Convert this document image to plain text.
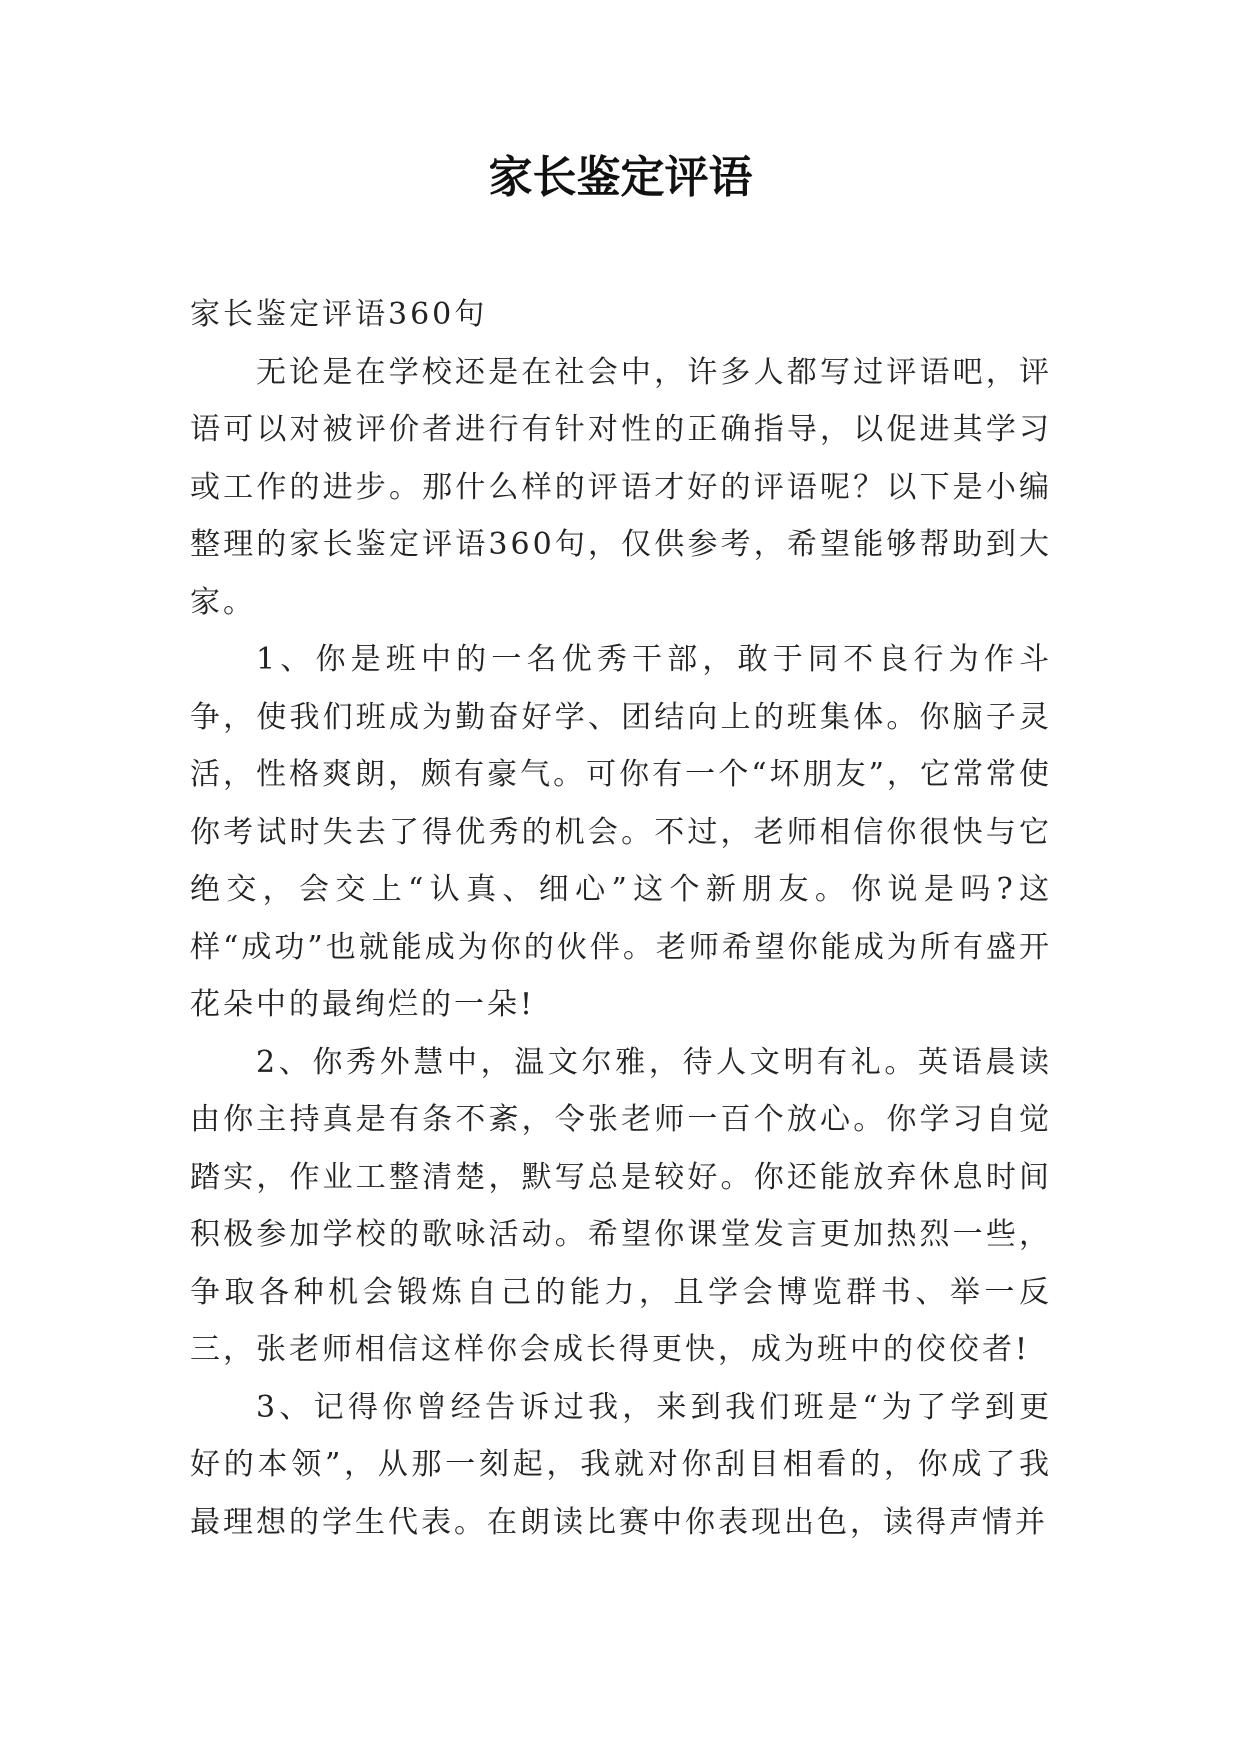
家长鉴定评语

家长鉴定评语360句

无论是在学校还是在社会中，许多人都写过评语吧，评语可以对被评价者进行有针对性的正确指导，以促进其学习或工作的进步。那什么样的评语才好的评语呢？以下是小编整理的家长鉴定评语360句，仅供参考，希望能够帮助到大家。

1、你是班中的一名优秀干部，敢于同不良行为作斗争，使我们班成为勤奋好学、团结向上的班集体。你脑子灵活，性格爽朗，颇有豪气。可你有一个“坏朋友”，它常常使你考试时失去了得优秀的机会。不过，老师相信你很快与它绝交，会交上“认真、细心”这个新朋友。你说是吗?这样“成功”也就能成为你的伙伴。老师希望你能成为所有盛开花朵中的最绚烂的一朵!

2、你秀外慧中，温文尔雅，待人文明有礼。英语晨读由你主持真是有条不紊，令张老师一百个放心。你学习自觉踏实，作业工整清楚，默写总是较好。你还能放弃休息时间积极参加学校的歌咏活动。希望你课堂发言更加热烈一些，争取各种机会锻炼自己的能力，且学会博览群书、举一反三，张老师相信这样你会成长得更快，成为班中的佼佼者!

3、记得你曾经告诉过我，来到我们班是“为了学到更好的本领”，从那一刻起，我就对你刮目相看的，你成了我最理想的学生代表。在朗读比赛中你表现出色，读得声情并
